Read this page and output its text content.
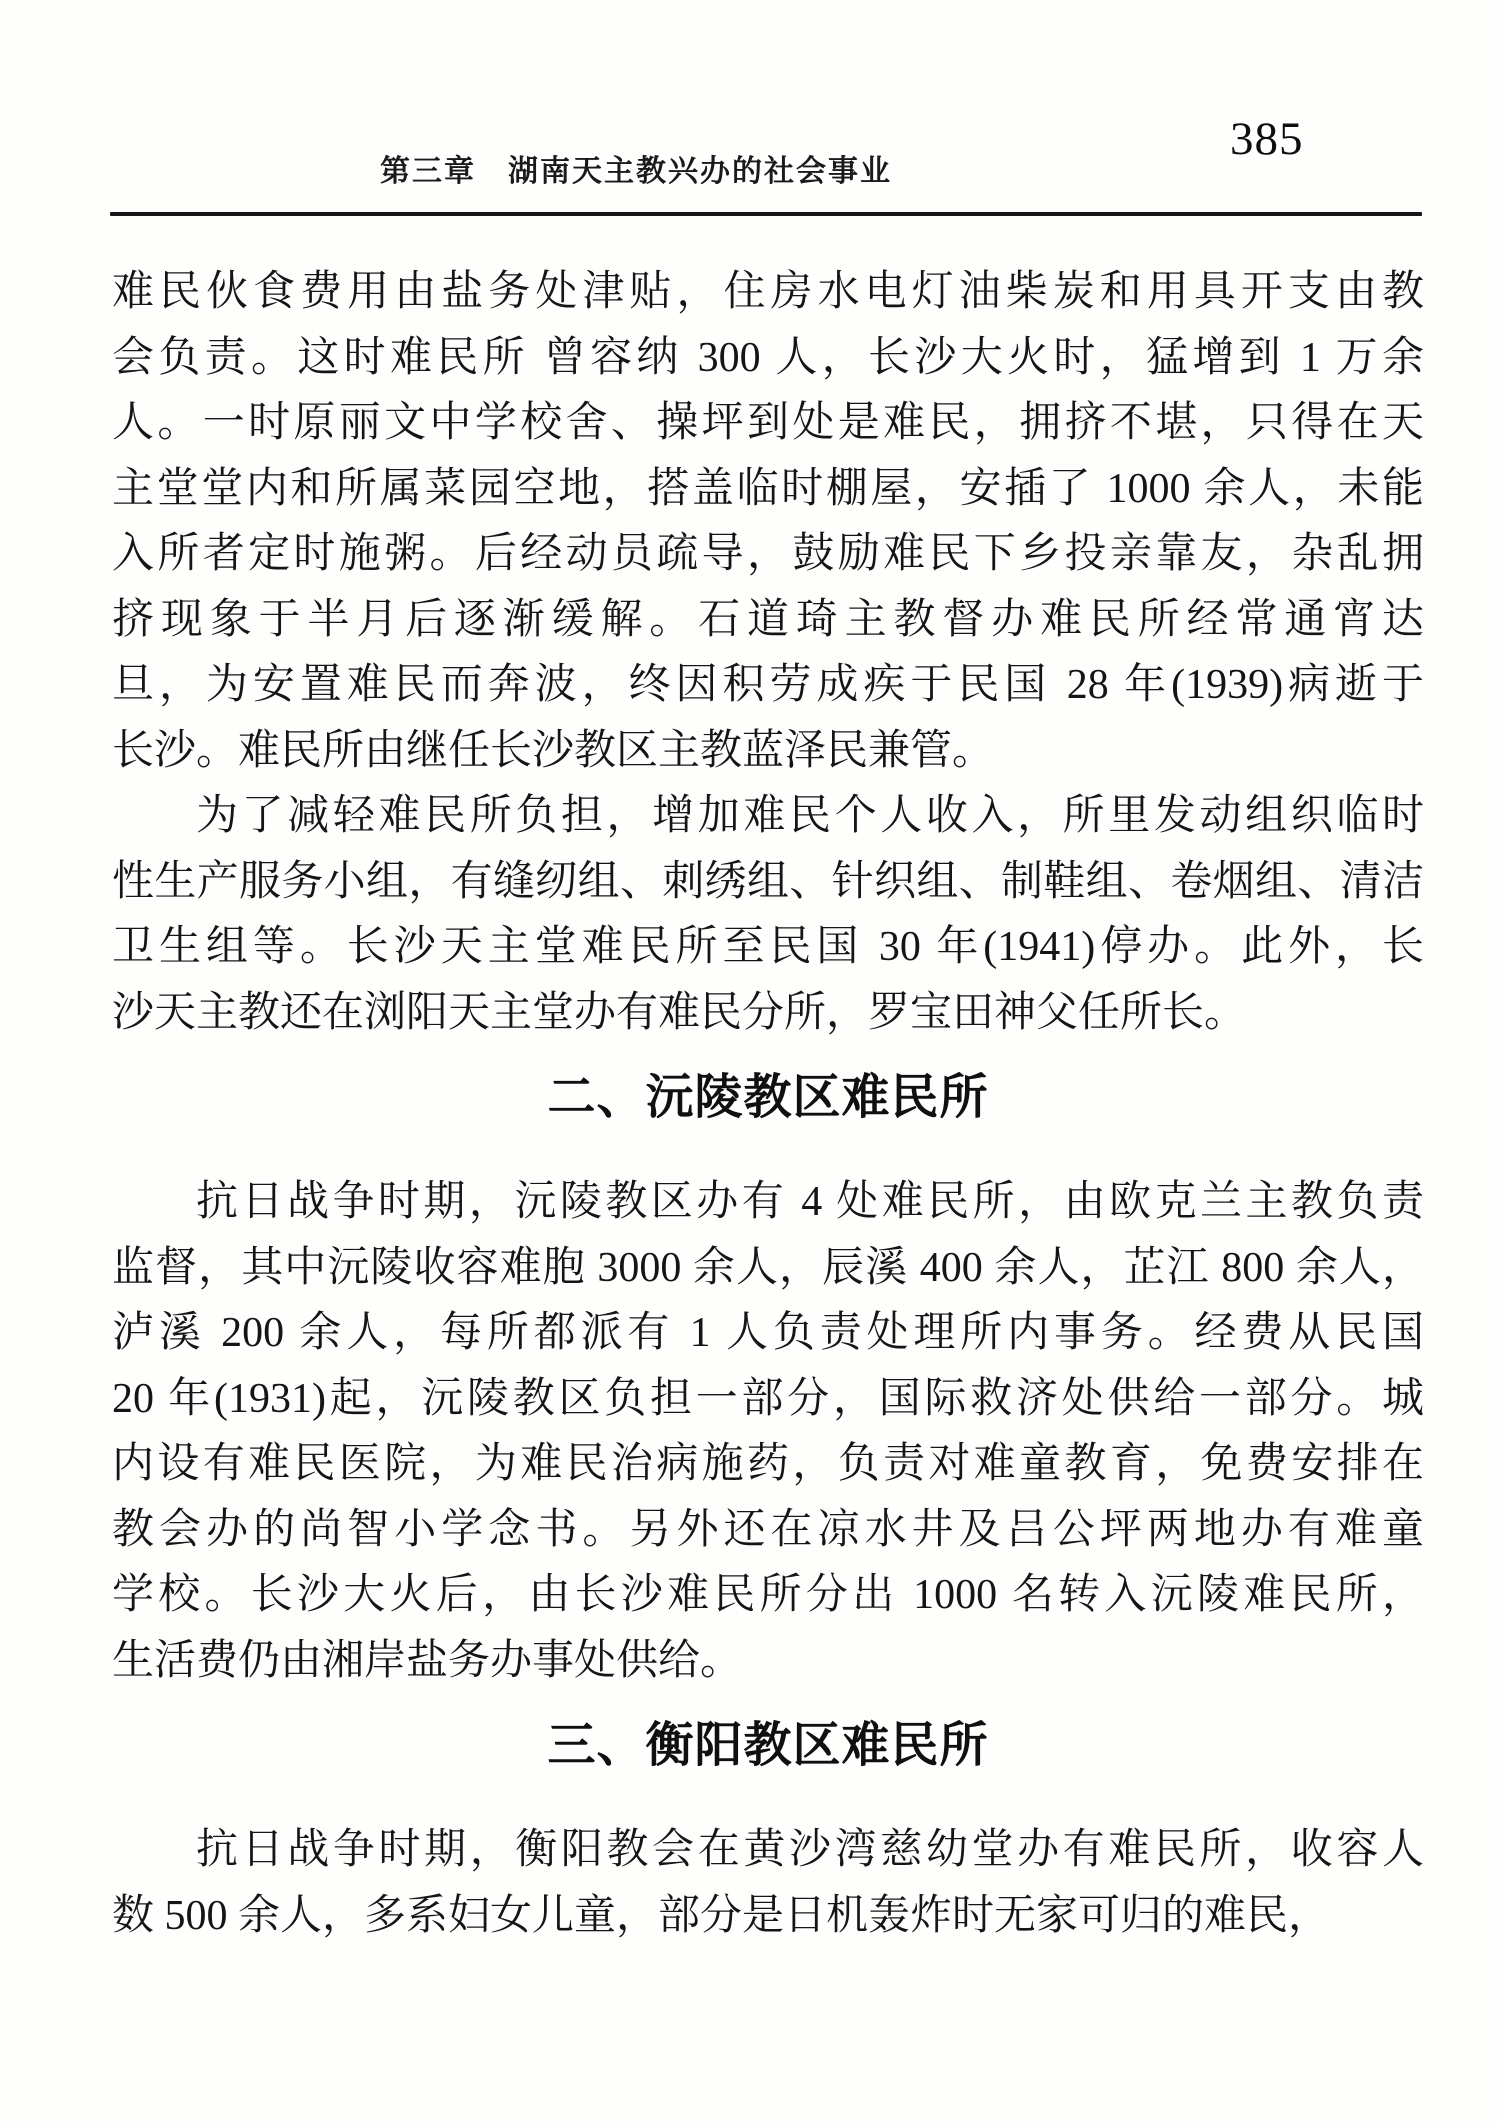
第三章　湖南天主教兴办的社会事业
385

难民伙食费用由盐务处津贴，住房水电灯油柴炭和用具开支由教
会负责。这时难民所 曾容纳 300 人，长沙大火时，猛增到 1 万余
人。一时原丽文中学校舍、操坪到处是难民，拥挤不堪，只得在天
主堂堂内和所属菜园空地，搭盖临时棚屋，安插了 1000 余人，未能
入所者定时施粥。后经动员疏导，鼓励难民下乡投亲靠友，杂乱拥
挤现象于半月后逐渐缓解。石道琦主教督办难民所经常通宵达
旦，为安置难民而奔波，终因积劳成疾于民国 28 年(1939)病逝于
长沙。难民所由继任长沙教区主教蓝泽民兼管。

为了减轻难民所负担，增加难民个人收入，所里发动组织临时
性生产服务小组，有缝纫组、刺绣组、针织组、制鞋组、卷烟组、清洁
卫生组等。长沙天主堂难民所至民国 30 年(1941)停办。此外，长
沙天主教还在浏阳天主堂办有难民分所，罗宝田神父任所长。

二、沅陵教区难民所

抗日战争时期，沅陵教区办有 4 处难民所，由欧克兰主教负责
监督，其中沅陵收容难胞 3000 余人，辰溪 400 余人，芷江 800 余人，
泸溪 200 余人，每所都派有 1 人负责处理所内事务。经费从民国
20 年(1931)起，沅陵教区负担一部分，国际救济处供给一部分。城
内设有难民医院，为难民治病施药，负责对难童教育，免费安排在
教会办的尚智小学念书。另外还在凉水井及吕公坪两地办有难童
学校。长沙大火后，由长沙难民所分出 1000 名转入沅陵难民所，
生活费仍由湘岸盐务办事处供给。

三、衡阳教区难民所

抗日战争时期，衡阳教会在黄沙湾慈幼堂办有难民所，收容人
数 500 余人，多系妇女儿童，部分是日机轰炸时无家可归的难民，
